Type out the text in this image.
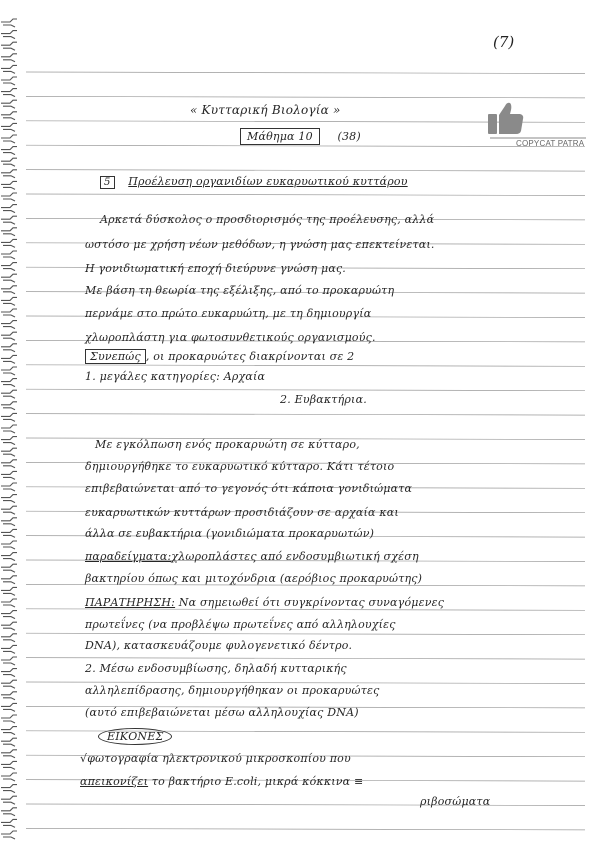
(7)
COPYCAT PATRA
« Κυτταρική Βιολογία »
Μάθημα 10 (38)
5 Προέλευση οργανιδίων ευκαρυωτικού κυττάρου
Αρκετά δύσκολος ο προσδιορισμός της προέλευσης, αλλά
ωστόσο με χρήση νέων μεθόδων, η γνώση μας επεκτείνεται.
Η γονιδιωματική εποχή διεύρυνε γνώση μας.
Με βάση τη θεωρία της εξέλιξης, από το προκαρυώτη
περνάμε στο πρώτο ευκαρυώτη, με τη δημιουργία
χλωροπλάστη για φωτοσυνθετικούς οργανισμούς.
Συνεπώς , οι προκαρυώτες διακρίνονται σε 2
1. μεγάλες κατηγορίες: Αρχαία
2. Ευβακτήρια.
Με εγκόλπωση ενός προκαρυώτη σε κύτταρο,
δημιουργήθηκε το ευκαρυωτικό κύτταρο. Κάτι τέτοιο
επιβεβαιώνεται από το γεγονός ότι κάποια γονιδιώματα
ευκαρυωτικών κυττάρων προσιδιάζουν σε αρχαία και
άλλα σε ευβακτήρια (γονιδιώματα προκαρυωτών)
παραδείγματα:χλωροπλάστες από ενδοσυμβιωτική σχέση
βακτηρίου όπως και μιτοχόνδρια (αερόβιος προκαρυώτης)
ΠΑΡΑΤΗΡΗΣΗ: Να σημειωθεί ότι συγκρίνοντας συναγόμενες
πρωτεΐνες (να προβλέψω πρωτεΐνες από αλληλουχίες
DNA), κατασκευάζουμε φυλογενετικό δέντρο.
2. Μέσω ενδοσυμβίωσης, δηλαδή κυτταρικής
αλληλεπίδρασης, δημιουργήθηκαν οι προκαρυώτες
(αυτό επιβεβαιώνεται μέσω αλληλουχίας DNA)
ΕΙΚΟΝΕΣ
√φωτογραφία ηλεκτρονικού μικροσκοπίου που
απεικονίζει το βακτήριο E.coli, μικρά κόκκινα ≡
ριβοσώματα
